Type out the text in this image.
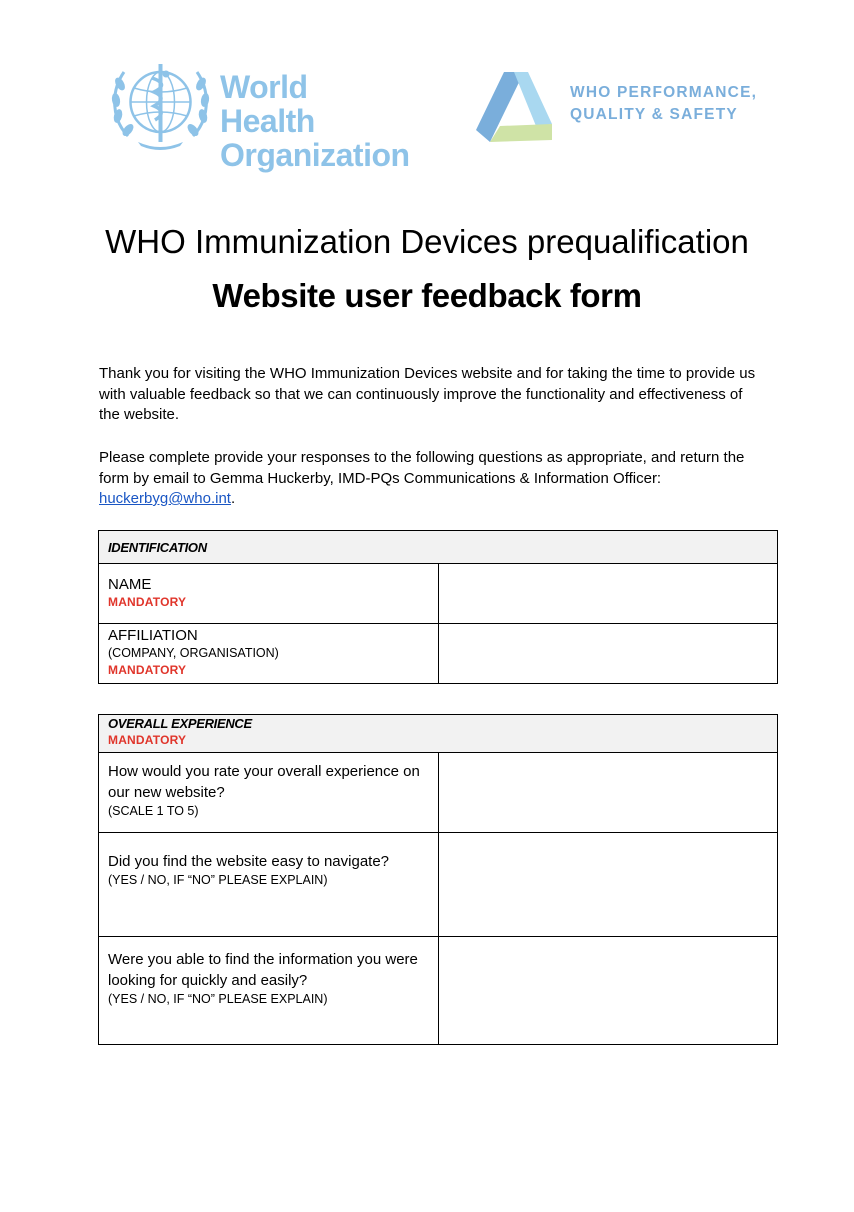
World Health
Organization
WHO PERFORMANCE,
QUALITY & SAFETY
WHO Immunization Devices prequalification
Website user feedback form

Thank you for visiting the WHO Immunization Devices website and for taking the time to provide us with valuable feedback so that we can continuously improve the functionality and effectiveness of the website.

Please complete provide your responses to the following questions as appropriate, and return the form by email to Gemma Huckerby, IMD-PQs Communications & Information Officer: huckerbyg@who.int.

IDENTIFICATION	

NAME
MANDATORY	

AFFILIATION
(COMPANY, ORGANISATION)
MANDATORY	

OVERALL EXPERIENCE
MANDATORY	

How would you rate your overall experience on our new website?
(SCALE 1 TO 5)	

Did you find the website easy to navigate?
(YES / NO, IF “NO” PLEASE EXPLAIN)	

Were you able to find the information you were looking for quickly and easily?
(YES / NO, IF “NO” PLEASE EXPLAIN)	
